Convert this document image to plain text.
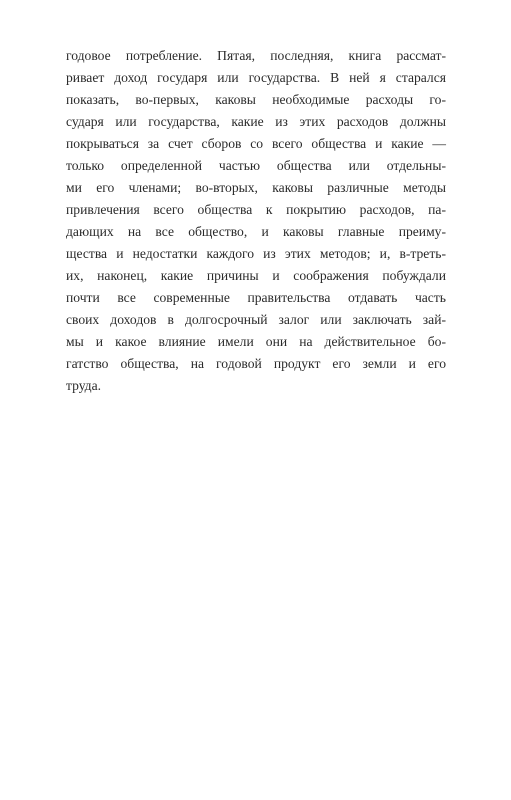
годовое потребление. Пятая, последняя, книга рассмат-
ривает доход государя или государства. В ней я старался
показать, во-первых, каковы необходимые расходы го-
сударя или государства, какие из этих расходов должны
покрываться за счет сборов со всего общества и какие —
только определенной частью общества или отдельны-
ми его членами; во-вторых, каковы различные методы
привлечения всего общества к покрытию расходов, па-
дающих на все общество, и каковы главные преиму-
щества и недостатки каждого из этих методов; и, в-треть-
их, наконец, какие причины и соображения побуждали
почти все современные правительства отдавать часть
своих доходов в долгосрочный залог или заключать зай-
мы и какое влияние имели они на действительное бо-
гатство общества, на годовой продукт его земли и его
труда.
